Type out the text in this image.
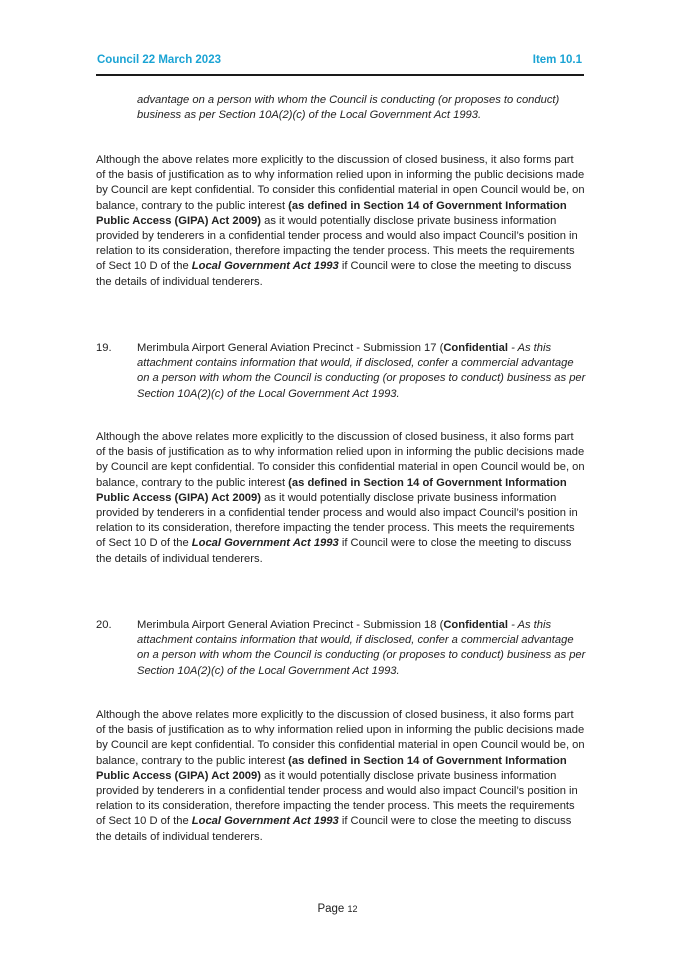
Council 22 March 2023	Item 10.1
advantage on a person with whom the Council is conducting (or proposes to conduct) business as per Section 10A(2)(c) of the Local Government Act 1993.
Although the above relates more explicitly to the discussion of closed business, it also forms part of the basis of justification as to why information relied upon in informing the public decisions made by Council are kept confidential. To consider this confidential material in open Council would be, on balance, contrary to the public interest (as defined in Section 14 of Government Information Public Access (GIPA) Act 2009) as it would potentially disclose private business information provided by tenderers in a confidential tender process and would also impact Council’s position in relation to its consideration, therefore impacting the tender process. This meets the requirements of Sect 10 D of the Local Government Act 1993 if Council were to close the meeting to discuss the details of individual tenderers.
19. Merimbula Airport General Aviation Precinct - Submission 17 (Confidential - As this attachment contains information that would, if disclosed, confer a commercial advantage on a person with whom the Council is conducting (or proposes to conduct) business as per Section 10A(2)(c) of the Local Government Act 1993.
Although the above relates more explicitly to the discussion of closed business, it also forms part of the basis of justification as to why information relied upon in informing the public decisions made by Council are kept confidential. To consider this confidential material in open Council would be, on balance, contrary to the public interest (as defined in Section 14 of Government Information Public Access (GIPA) Act 2009) as it would potentially disclose private business information provided by tenderers in a confidential tender process and would also impact Council’s position in relation to its consideration, therefore impacting the tender process. This meets the requirements of Sect 10 D of the Local Government Act 1993 if Council were to close the meeting to discuss the details of individual tenderers.
20. Merimbula Airport General Aviation Precinct - Submission 18 (Confidential - As this attachment contains information that would, if disclosed, confer a commercial advantage on a person with whom the Council is conducting (or proposes to conduct) business as per Section 10A(2)(c) of the Local Government Act 1993.
Although the above relates more explicitly to the discussion of closed business, it also forms part of the basis of justification as to why information relied upon in informing the public decisions made by Council are kept confidential. To consider this confidential material in open Council would be, on balance, contrary to the public interest (as defined in Section 14 of Government Information Public Access (GIPA) Act 2009) as it would potentially disclose private business information provided by tenderers in a confidential tender process and would also impact Council’s position in relation to its consideration, therefore impacting the tender process. This meets the requirements of Sect 10 D of the Local Government Act 1993 if Council were to close the meeting to discuss the details of individual tenderers.
Page 12
